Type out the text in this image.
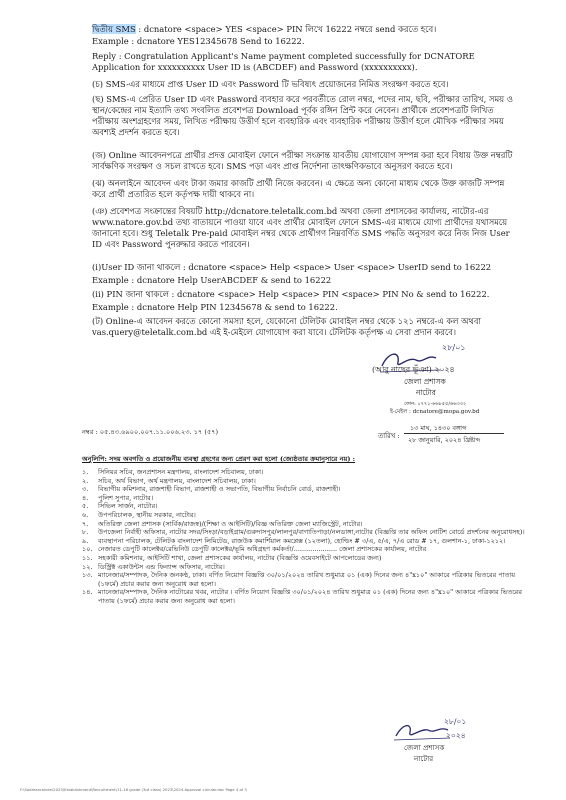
দ্বিতীয় SMS : dcnatore <space> YES <space> PIN লিখে 16222 নম্বরে send করতে হবে।
Example : dcnatore YES12345678 Send to 16222.
Reply : Congratulation Applicant's Name payment completed successfully for DCNATORE Application for xxxxxxxxxx User ID is (ABCDEF) and Password (xxxxxxxxxx).
(চ) SMS-এর মাধ্যমে প্রাপ্ত User ID এবং Password টি ভবিষ্যৎ প্রয়োজনের নিমিত্ত সংরক্ষণ করতে হবে।
(ছ) SMS-এ প্রেরিত User ID এবং Password ব্যবহার করে পরবর্তীতে রোল নম্বর, পদের নাম, ছবি, পরীক্ষার তারিখ, সময় ও স্থান/কেন্দ্রের নাম ইত্যাদি তথ্য সংবলিত প্রবেশপত্র Download পূর্বক রঙ্গিন প্রিন্ট করে নেবেন। প্রার্থীকে প্রবেশপত্রটি লিখিত পরীক্ষায় অংশগ্রহণের সময়, লিখিত পরীক্ষায় উত্তীর্ণ হলে ব্যবহারিক এবং ব্যবহারিক পরীক্ষায় উত্তীর্ণ হলে মৌখিক পরীক্ষার সময় অবশ্যই প্রদর্শন করতে হবে।
(জ) Online আবেদনপত্রে প্রার্থীর প্রদত্ত মোবাইল ফোনে পরীক্ষা সংক্রান্ত যাবতীয় যোগাযোগ সম্পন্ন করা হবে বিধায় উক্ত নম্বরটি সার্বক্ষণিক সংরক্ষণ ও সচল রাখতে হবে। SMS পড়া এবং প্রাপ্ত নির্দেশনা তাৎক্ষণিকভাবে অনুসরণ করতে হবে।
(ঝ) অনলাইনে আবেদন এবং টাকা জমার কাজটি প্রার্থী নিজে করবেন। এ ক্ষেত্রে অন্য কোনো মাধ্যম থেকে উক্ত কাজটি সম্পন্ন করে প্রার্থী প্রতারিত হলে কর্তৃপক্ষ দায়ী থাকবে না।
(ঞ) প্রবেশপত্র সংক্রান্তের বিষয়টি http://dcnatore.teletalk.com.bd অথবা জেলা প্রশাসকের কার্যালয়, নাটোর-এর www.natore.gov.bd তথ্য বাতায়নে পাওয়া যাবে এবং প্রার্থীর মোবাইল ফোনে SMS-এর মাধ্যমে যোগ্য প্রার্থীদের যথাসময়ে জানানো হবে। শুধু Teletalk Pre-paid মোবাইল নম্বর থেকে প্রার্থীগণ নিম্নবর্ণিত SMS পদ্ধতি অনুসরণ করে নিজ নিজ User ID এবং Password পুনরুদ্ধার করতে পারবেন।
(i)User ID জানা থাকলে : dcnatore <space> Help <space> User <space> UserID send to 16222
Example : dcnatore Help UserABCDEF & send to 16222
(ii) PIN জানা থাকলে : dcnatore <space> Help <space> PIN <space> PIN No & send to 16222.
Example : dcnatore Help PIN 12345678 & send to 16222.
(ট) Online-এ আবেদন করতে কোনো সমস্যা হলে, যেকোনো টেলিটক মোবাইল নম্বর থেকে ১২১ নম্বরে-এ কল অথবা vas.query@teletalk.com.bd এই ই-মেইলে যোগাযোগ করা যাবে। টেলিটক কর্তৃপক্ষ এ সেবা প্রদান করবে।
২৮/০১
(আবু নাছের ভূঁঞা) ২০২৪
জেলা প্রশাসক
নাটোর
ফোন: ০৭৭১-৬৬৮৫৫/৬৬৩৩২
ই-মেইল : dcnatore@mopa.gov.bd
নম্বর : ০৫.৪৩.৬৯০০.০০৭.১১.০০৬.২৩. ১৭ (৫৭)	তারিখ :
১৩ মাঘ, ১৪৩০ বঙ্গাব্দ
২৮ জানুয়ারি, ২০২৪ খ্রিষ্টাব্দ
অনুলিপি: সদয় অবগতি ও প্রয়োজনীয় ব্যবস্থা গ্রহণের জন্য প্রেরণ করা হলো (জ্যেষ্ঠতার ক্রমানুসারে নয়) :
১.	সিনিয়র সচিব, জনপ্রশাসন মন্ত্রণালয়, বাংলাদেশ সচিবালয়, ঢাকা।
২.	সচিব, অর্থ বিভাগ, অর্থ মন্ত্রণালয়, বাংলাদেশ সচিবালয়, ঢাকা।
৩.	বিভাগীয় কমিশনার, রাজশাহী বিভাগ, রাজশাহী ও সভাপতি, বিভাগীয় নির্বাচনি বোর্ড, রাজশাহী।
৪.	পুলিশ সুপার, নাটোর।
৫.	সিভিল সার্জন, নাটোর।
৬.	উপপরিচালক, স্থানীয় সরকার, নাটোর।
৭.	অতিরিক্ত জেলা প্রশাসক (সার্বিক/রাজস্ব)/(শিক্ষা ও আইসিটি)/বিজ্ঞ অতিরিক্ত জেলা ম্যাজিস্ট্রেট, নাটোর।
৮.	উপজেলা নির্বাহী অফিসার, নাটোর সদর/সিংড়া/বড়াইগ্রাম/গুরুদাসপুর/লালপুর/বাগাতিপাড়া/নলডাঙ্গা,নাটোর (বিজ্ঞপ্তি তার অফিস নোটিশ বোর্ডে প্রদর্শনের অনুরোধসহ)।
৯.	ব্যবস্থাপনা পরিচালক, টেলিটক বাংলাদেশ লিমিটেড, রাজউক কমার্শিয়াল কমপ্লেক্স (১২তলা), হোল্ডিং # ৩/এ, ৫/এ, ৭/এ রোড # ১৭, গুলশান-১, ঢাকা-১২১২।
১০. নেজারত ডেপুটি কালেক্টর/রেভিনিউ ডেপুটি কালেক্টর/ভূমি অধিগ্রহণ কর্মকর্তা/..................... জেলা প্রশাসকের কার্যালয়, নাটোর
১১. সহকারী কমিশনার, আইসিটি শাখা, জেলা প্রশাসকের কার্যালয়, নাটোর (বিজ্ঞপ্তি ওয়েবসাইটে আপলোডের জন্য)
১২. ডিস্ট্রিক্ট একাউন্টস এন্ড ফিন্যান্স অফিসার, নাটোর।
১৩. ম্যানেজার/সম্পাদক, দৈনিক জনকণ্ঠ, ঢাকা। বর্ণিত নিয়োগ বিজ্ঞপ্তি ৩০/০১/২০২৪ তারিখ শুধুমাত্র ০১ (এক) দিনের জন্য ৪"x১০" আকারে পত্রিকার ভিতরের পাতায় (১ফর্মে) প্রচার করার জন্য অনুরোধ করা হলো।
১৪. ম্যানেজার/সম্পাদক, দৈনিক নাটোরের খবর, নাটোর । বর্ণিত নিয়োগ বিজ্ঞপ্তি ৩০/০১/২০২৪ তারিখ শুধুমাত্র ০১ (এক) দিনের জন্য ৪"x১০" আকারে পত্রিকার ভিতরের পাতায় (১ফর্মে) প্রচার করার জন্য অনুরোধ করা হলো।
২৮/০১
২০২৪
জেলা প্রশাসক
নাটোর
F:\Sadmanraivee\2023\Establishment\Recruitment\11-16 grade (3rd class) 2023\2024 Approval circular.doc Page 4 of 3
